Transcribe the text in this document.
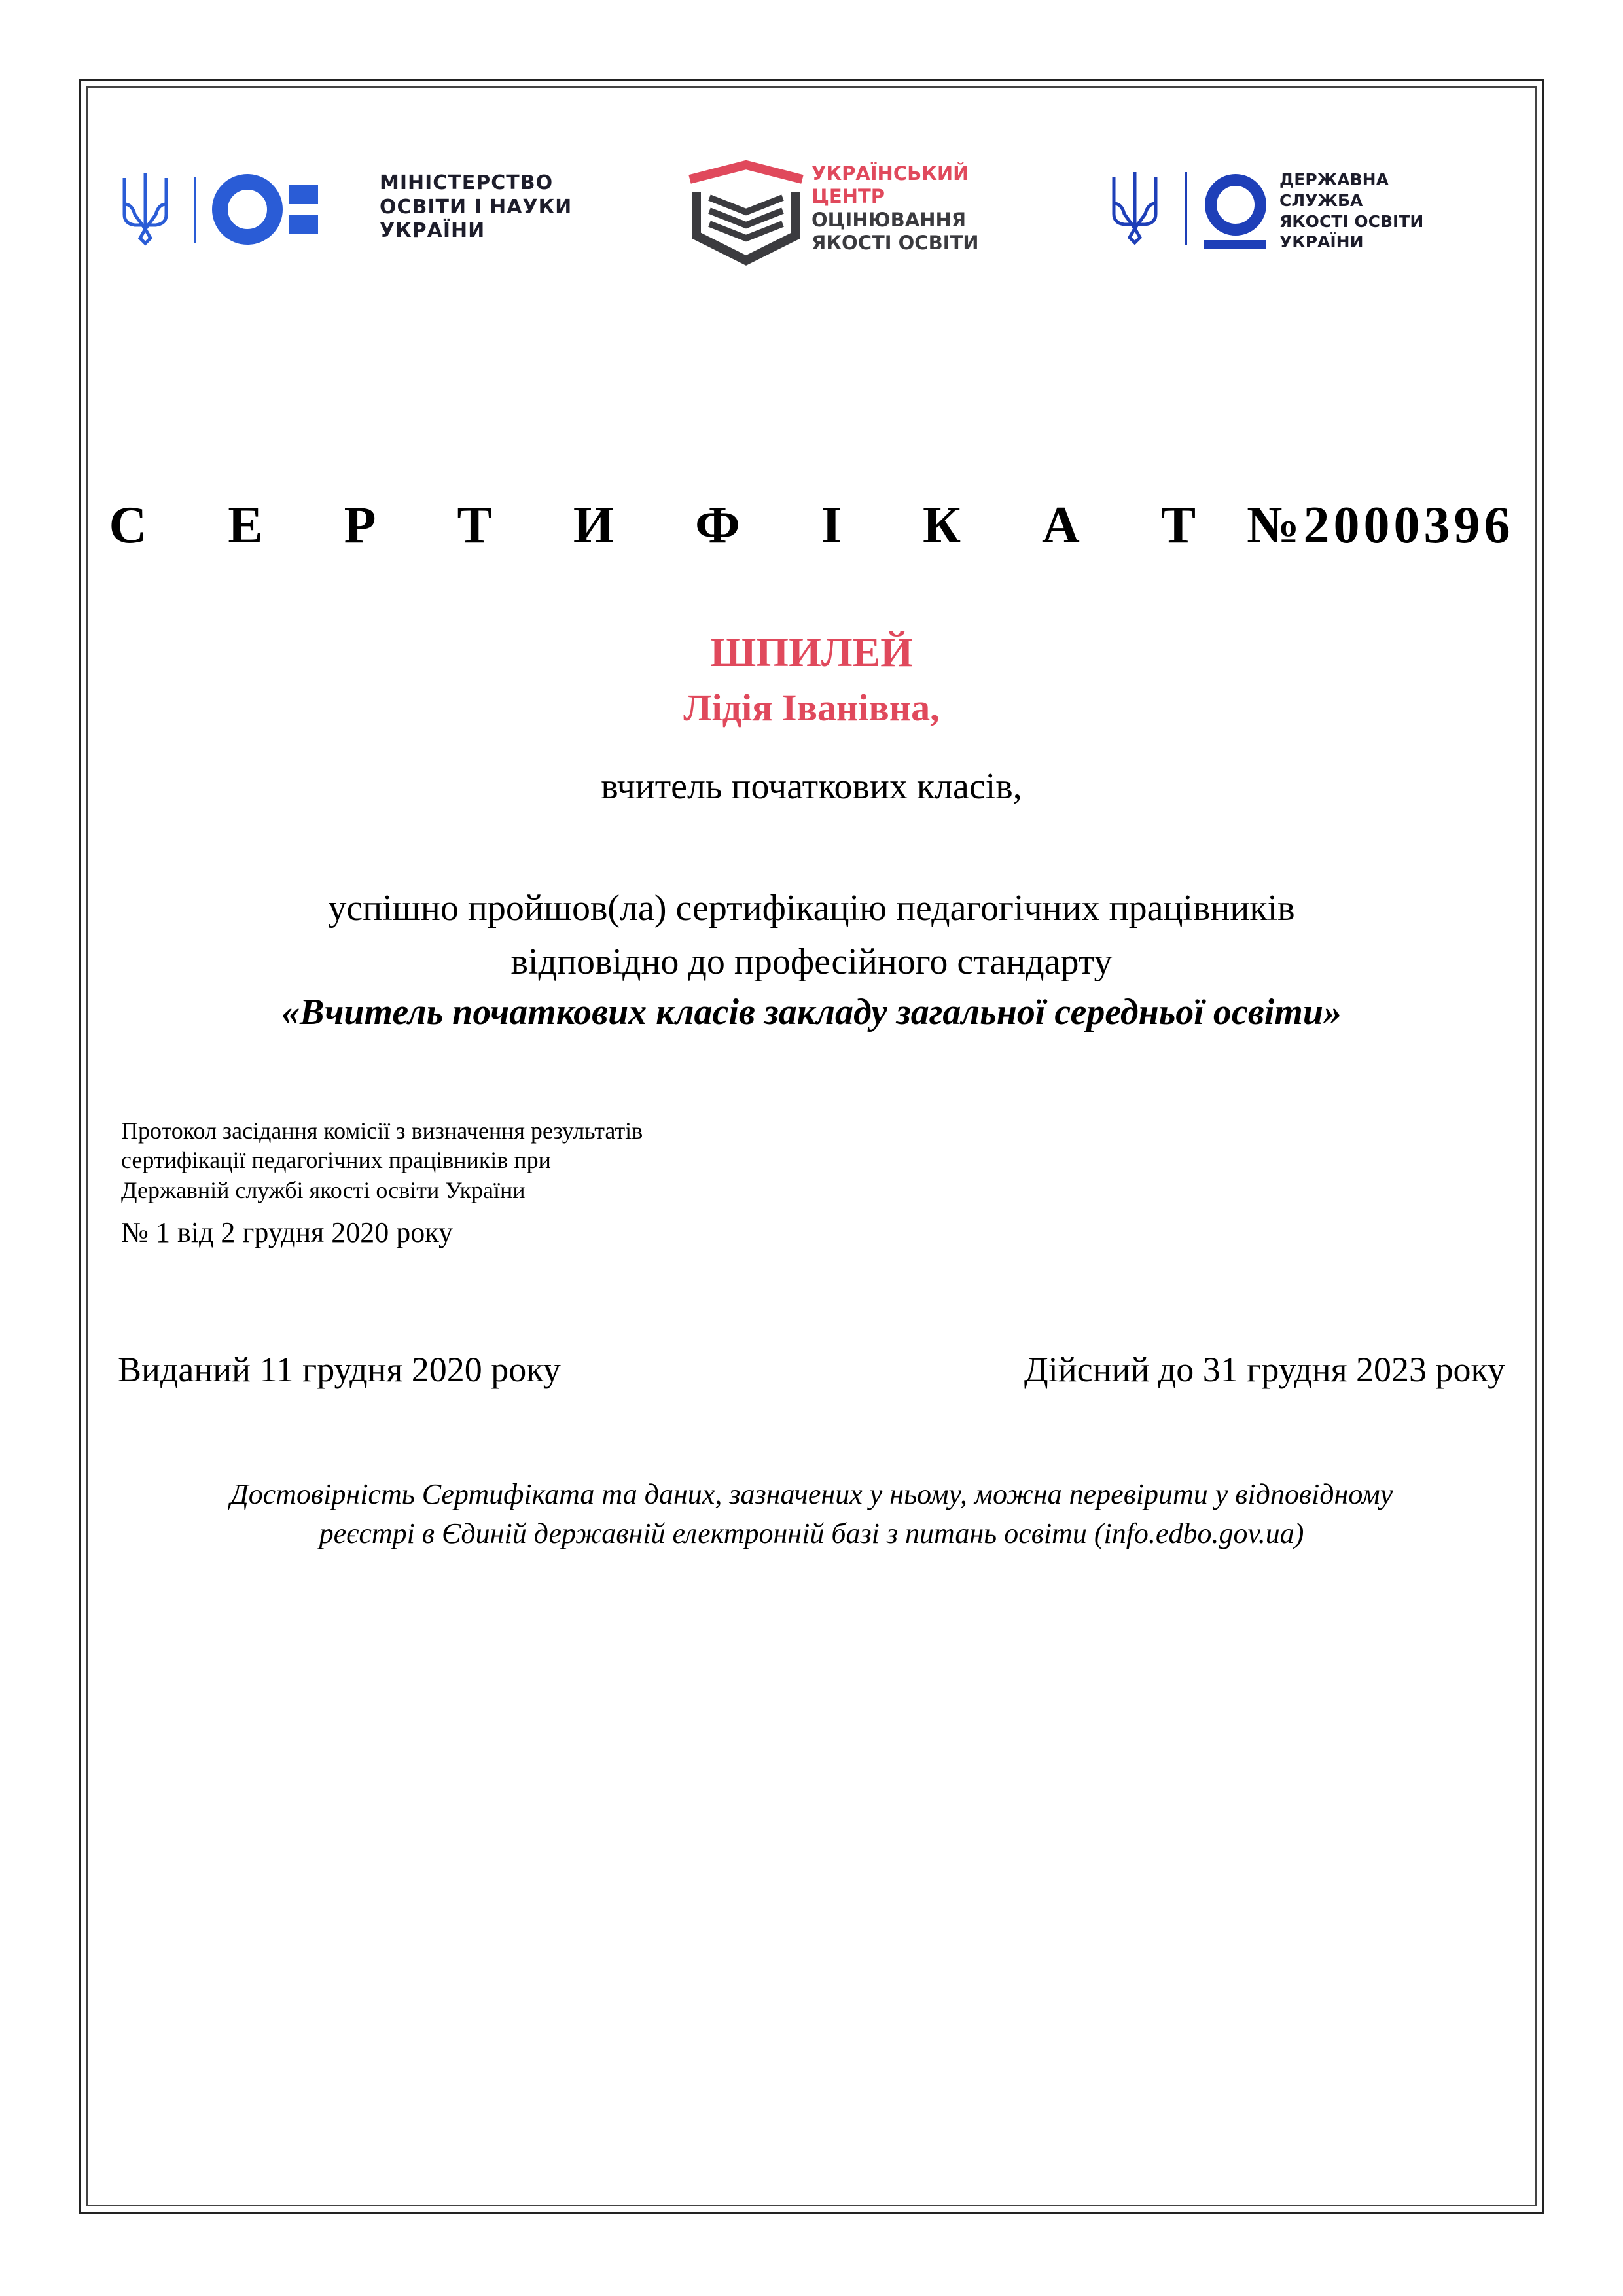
МІНІСТЕРСТВО
ОСВІТИ І НАУКИ
УКРАЇНИ

УКРАЇНСЬКИЙ
ЦЕНТР
ОЦІНЮВАННЯ
ЯКОСТІ ОСВІТИ

ДЕРЖАВНА
СЛУЖБА
ЯКОСТІ ОСВІТИ
УКРАЇНИ

С Е Р Т И Ф І К А Т №2000396

ШПИЛЕЙ

Лідія Іванівна,

вчитель початкових класів,

успішно пройшов(ла) сертифікацію педагогічних працівників

відповідно до професійного стандарту

«Вчитель початкових класів закладу загальної середньої освіти»

Протокол засідання комісії з визначення результатів
сертифікації педагогічних працівників при
Державній службі якості освіти України

№ 1 від 2 грудня 2020 року

Виданий 11 грудня 2020 року	Дійсний до 31 грудня 2023 року

Достовірність Сертифіката та даних, зазначених у ньому, можна перевірити у відповідному

реєстрі в Єдиній державній електронній базі з питань освіти (info.edbo.gov.ua)
